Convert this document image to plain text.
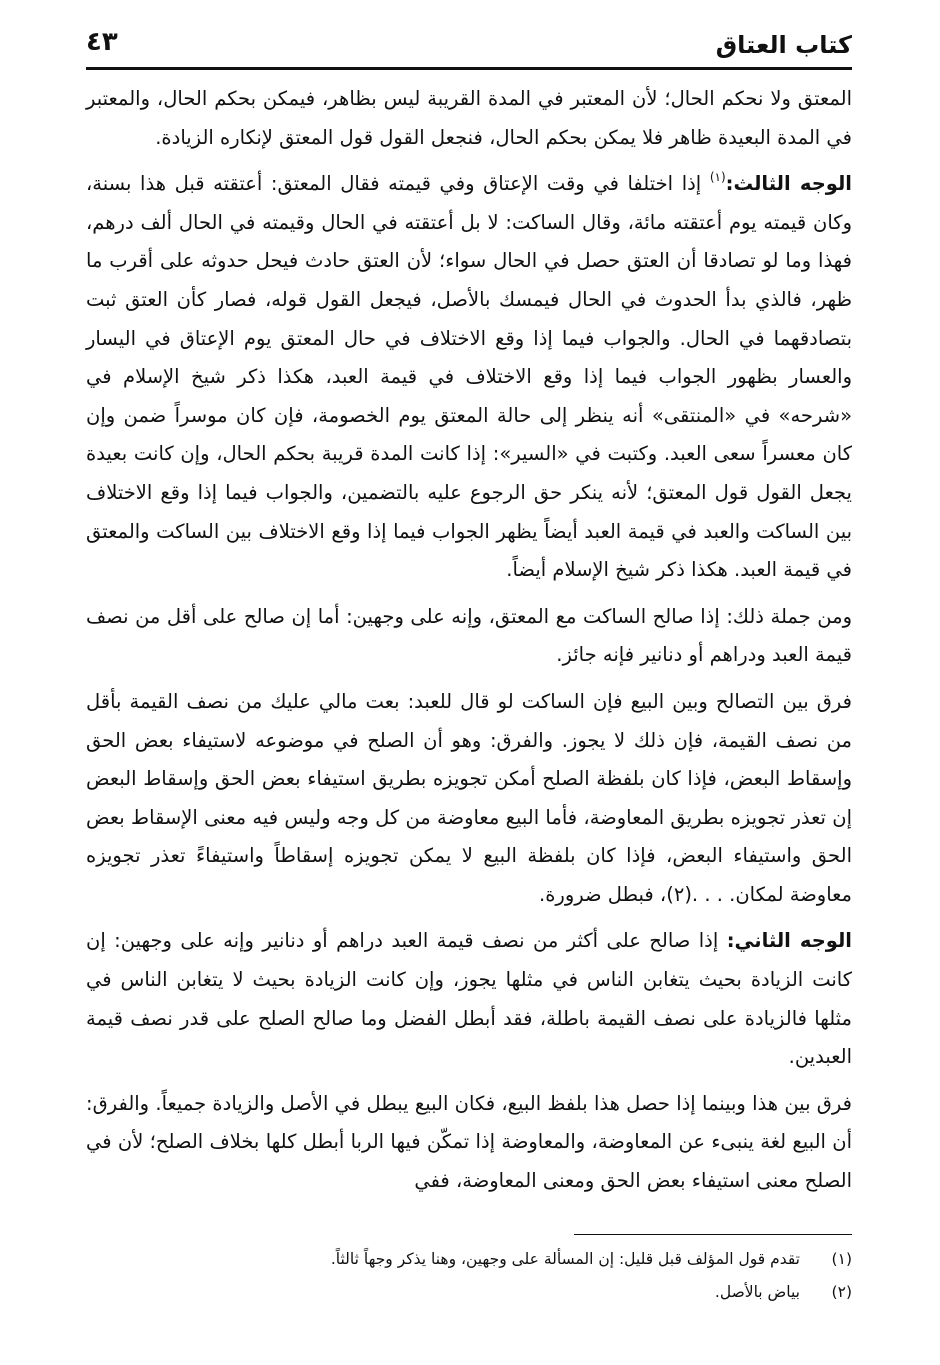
كتاب العتاق
٤٣

المعتق ولا نحكم الحال؛ لأن المعتبر في المدة القريبة ليس بظاهر، فيمكن بحكم الحال، والمعتبر في المدة البعيدة ظاهر فلا يمكن بحكم الحال، فنجعل القول قول المعتق لإنكاره الزيادة.

الوجه الثالث:$^{(١)}$ إذا اختلفا في وقت الإعتاق وفي قيمته فقال المعتق: أعتقته قبل هذا بسنة، وكان قيمته يوم أعتقته مائة، وقال الساكت: لا بل أعتقته في الحال وقيمته في الحال ألف درهم، فهذا وما لو تصادقا أن العتق حصل في الحال سواء؛ لأن العتق حادث فيحل حدوثه على أقرب ما ظهر، فالذي بدأ الحدوث في الحال فيمسك بالأصل، فيجعل القول قوله، فصار كأن العتق ثبت بتصادقهما في الحال. والجواب فيما إذا وقع الاختلاف في حال المعتق يوم الإعتاق في اليسار والعسار بظهور الجواب فيما إذا وقع الاختلاف في قيمة العبد، هكذا ذكر شيخ الإسلام في «شرحه» في «المنتقى» أنه ينظر إلى حالة المعتق يوم الخصومة، فإن كان موسراً ضمن وإن كان معسراً سعى العبد. وكتبت في «السير»: إذا كانت المدة قريبة بحكم الحال، وإن كانت بعيدة يجعل القول قول المعتق؛ لأنه ينكر حق الرجوع عليه بالتضمين، والجواب فيما إذا وقع الاختلاف بين الساكت والعبد في قيمة العبد أيضاً يظهر الجواب فيما إذا وقع الاختلاف بين الساكت والمعتق في قيمة العبد. هكذا ذكر شيخ الإسلام أيضاً.

ومن جملة ذلك: إذا صالح الساكت مع المعتق، وإنه على وجهين: أما إن صالح على أقل من نصف قيمة العبد ودراهم أو دنانير فإنه جائز.

فرق بين التصالح وبين البيع فإن الساكت لو قال للعبد: بعت مالي عليك من نصف القيمة بأقل من نصف القيمة، فإن ذلك لا يجوز. والفرق: وهو أن الصلح في موضوعه لاستيفاء بعض الحق وإسقاط البعض، فإذا كان بلفظة الصلح أمكن تجويزه بطريق استيفاء بعض الحق وإسقاط البعض إن تعذر تجويزه بطريق المعاوضة، فأما البيع معاوضة من كل وجه وليس فيه معنى الإسقاط بعض الحق واستيفاء البعض، فإذا كان بلفظة البيع لا يمكن تجويزه إسقاطاً واستيفاءً تعذر تجويزه معاوضة لمكان. . . .(٢)، فبطل ضرورة.

الوجه الثاني: إذا صالح على أكثر من نصف قيمة العبد دراهم أو دنانير وإنه على وجهين: إن كانت الزيادة بحيث يتغابن الناس في مثلها يجوز، وإن كانت الزيادة بحيث لا يتغابن الناس في مثلها فالزيادة على نصف القيمة باطلة، فقد أبطل الفضل وما صالح الصلح على قدر نصف قيمة العبدين.

فرق بين هذا وبينما إذا حصل هذا بلفظ البيع، فكان البيع يبطل في الأصل والزيادة جميعاً. والفرق: أن البيع لغة ينبىء عن المعاوضة، والمعاوضة إذا تمكّن فيها الربا أبطل كلها بخلاف الصلح؛ لأن في الصلح معنى استيفاء بعض الحق ومعنى المعاوضة، ففي

(١)
تقدم قول المؤلف قبل قليل: إن المسألة على وجهين، وهنا يذكر وجهاً ثالثاً.
(٢)
بياض بالأصل.
